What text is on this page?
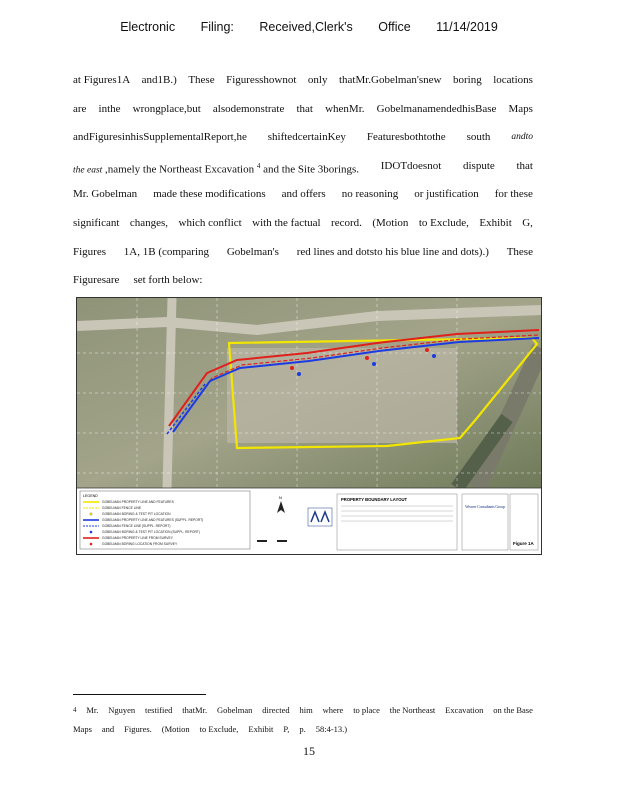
Electronic Filing: Received,Clerk's Office 11/14/2019
at Figures1A and1B.) These Figuresshownot only thatMr.Gobelman'snew boring locations
are inthe wrongplace,but alsodemonstrate that whenMr. GobelmanamendedhisBase Maps
andFiguresinhisSupplementalReport,he shiftedcertainKey Featuresbothtothe south andto
the east ,namely the Northeast Excavation $^4$ and the Site 3borings. IDOTdoesnot dispute that
Mr. Gobelman made these modifications and offers no reasoning or justification for these
significant changes, which conflict with the factual record. (Motion to Exclude, Exhibit G,
Figures 1A, 1B (comparing Gobelman's red lines and dotsto his blue line and dots).) These
Figuresare set forth below:
LEGEND
GOBELMAN PROPERTY LINE AND FEATURES
GOBELMAN FENCE LINE
GOBELMAN BORING & TEST PIT LOCATION
GOBELMAN PROPERTY LINE AND FEATURES (SUPPL. REPORT)
GOBELMAN FENCE LINE (SUPPL. REPORT)
GOBELMAN BORING & TEST PIT LOCATION (SUPPL. REPORT)
GOBELMAN PROPERTY LINE FROM SURVEY
GOBELMAN BORING LOCATION FROM SURVEY
N	PROPERTY BOUNDARY LAYOUT
Weaver Consultants Group
Figure 1A
$^4$ Mr. Nguyen testified thatMr. Gobelman directed him where to place the Northeast Excavation on the Base
Maps and Figures. (Motion to Exclude, Exhibit P, p. 58:4-13.)
15
